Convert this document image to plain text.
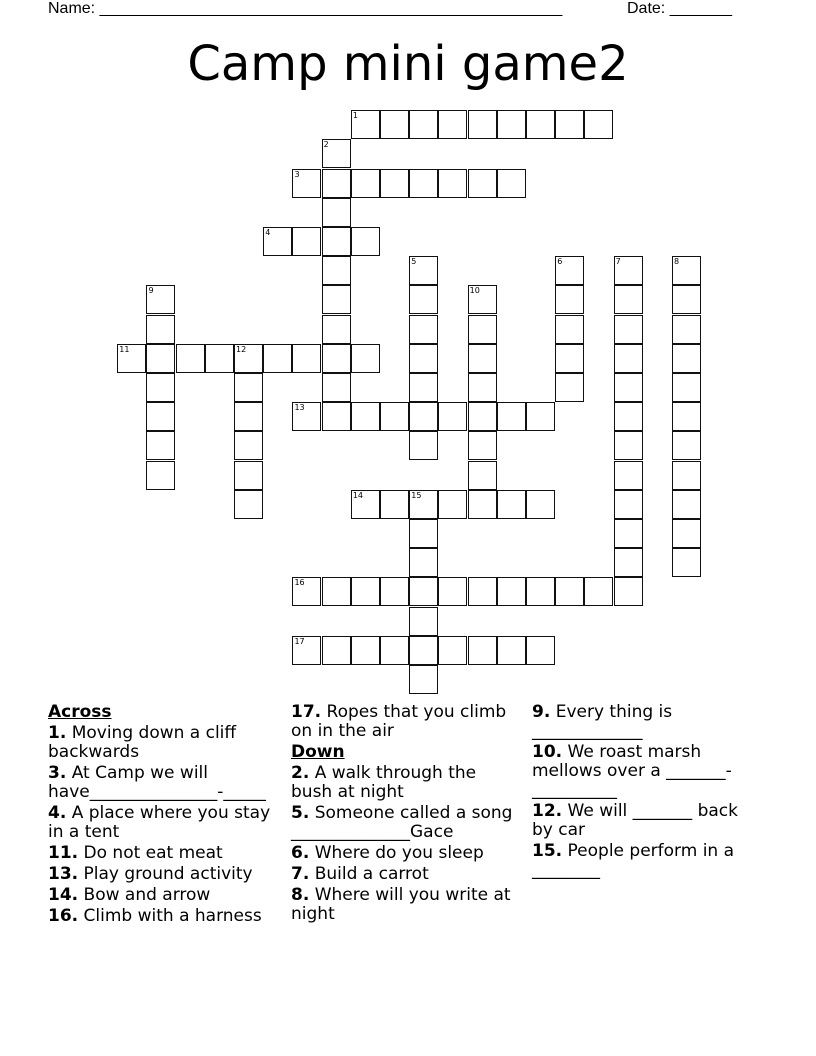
Name: ____________________________________________________	Date: _______
Camp mini game2
1
2
3
4
5	6	7	8
9	10
11	12
13
14	15
16
17
Across
1. Moving down a cliff backwards
3. At Camp we will have_______________-_____
4. A place where you stay in a tent
11. Do not eat meat
13. Play ground activity
14. Bow and arrow
16. Climb with a harness
17. Ropes that you climb on in the air
Down
2. A walk through the bush at night
5. Someone called a song ______________Gace
6. Where do you sleep
7. Build a carrot
8. Where will you write at night
9. Every thing is _____________
10. We roast marsh mellows over a _______-__________
12. We will _______ back by car
15. People perform in a ________
